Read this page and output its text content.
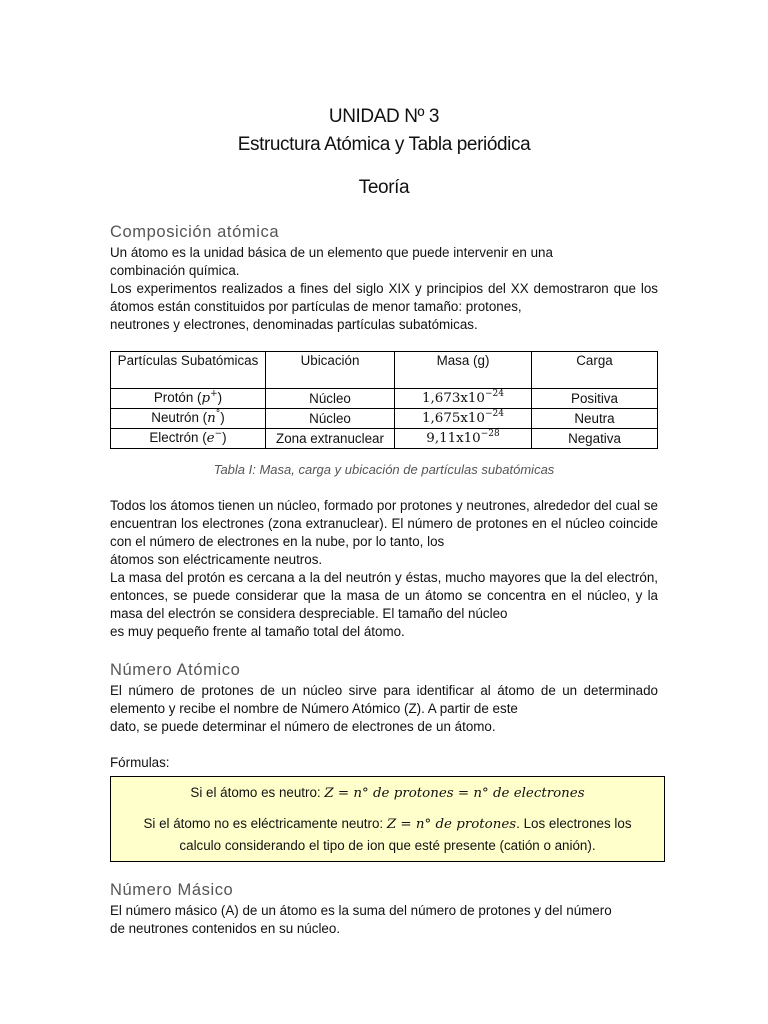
UNIDAD Nº 3
Estructura Atómica y Tabla periódica
Teoría
Composición atómica

Un átomo es la unidad básica de un elemento que puede intervenir en una
combinación química.

Los experimentos realizados a fines del siglo XIX y principios del XX demostraron que los átomos están constituidos por partículas de menor tamaño: protones,
neutrones y electrones, denominadas partículas subatómicas.

Partículas Subatómicas	Ubicación	Masa (g)	Carga
Protón (p+)	Núcleo	$1,673x10^{-24}$	Positiva
Neutrón (n°)	Núcleo	$1,675x10^{-24}$	Neutra
Electrón (e−)	Zona extranuclear	$9,11x10^{-28}$	Negativa
Tabla I: Masa, carga y ubicación de partículas subatómicas

Todos los átomos tienen un núcleo, formado por protones y neutrones, alrededor del cual se encuentran los electrones (zona extranuclear). El número de protones en el núcleo coincide con el número de electrones en la nube, por lo tanto, los
átomos son eléctricamente neutros.

La masa del protón es cercana a la del neutrón y éstas, mucho mayores que la del electrón, entonces, se puede considerar que la masa de un átomo se concentra en el núcleo, y la masa del electrón se considera despreciable. El tamaño del núcleo
es muy pequeño frente al tamaño total del átomo.

Número Atómico

El número de protones de un núcleo sirve para identificar al átomo de un determinado elemento y recibe el nombre de Número Atómico (Z). A partir de este
dato, se puede determinar el número de electrones de un átomo.

Fórmulas:

Si el átomo es neutro: Z = n° de protones = n° de electrones
Si el átomo no es eléctricamente neutro: Z = n° de protones. Los electrones los
calculo considerando el tipo de ion que esté presente (catión o anión).
Número Másico

El número másico (A) de un átomo es la suma del número de protones y del número
de neutrones contenidos en su núcleo.
